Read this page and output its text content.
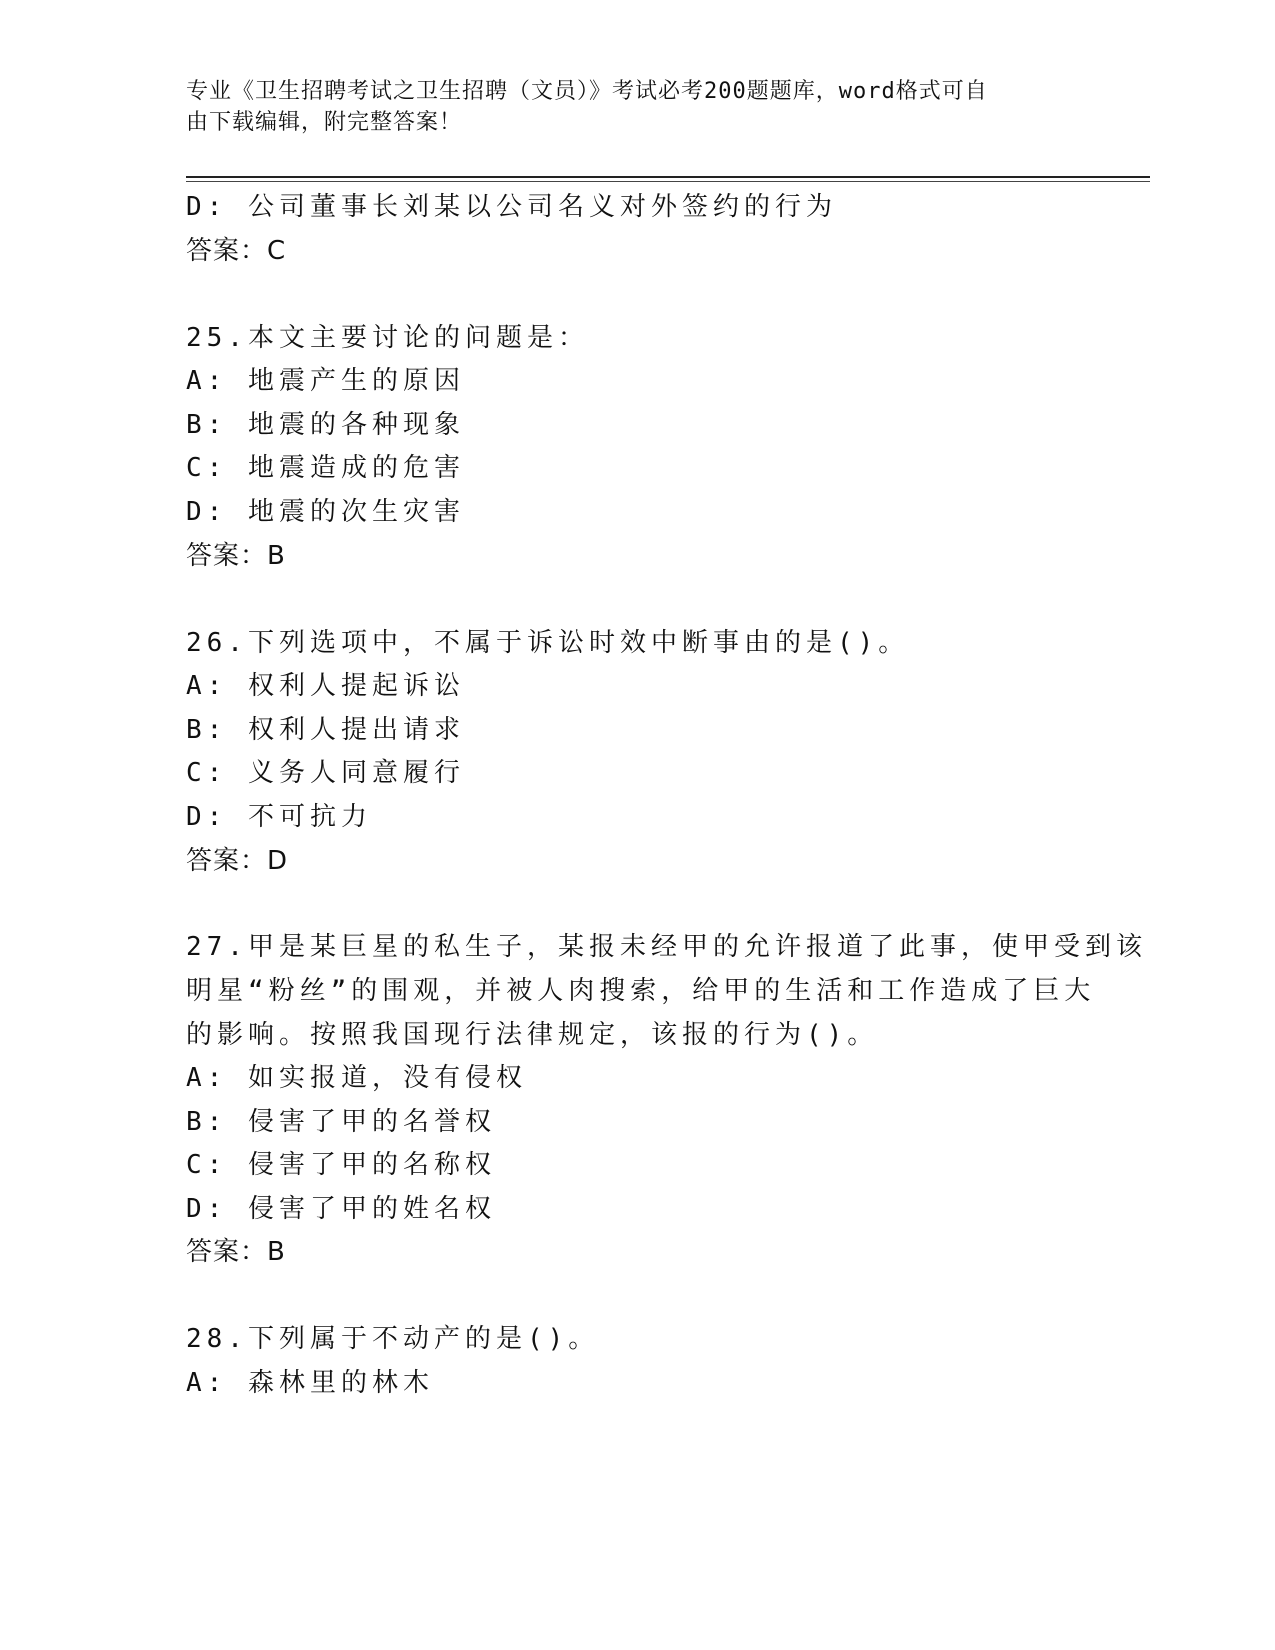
专业《卫生招聘考试之卫生招聘（文员）》考试必考200题题库，word格式可自
由下载编辑，附完整答案！
D: 公司董事长刘某以公司名义对外签约的行为
答案：C
25.本文主要讨论的问题是：
A: 地震产生的原因
B: 地震的各种现象
C: 地震造成的危害
D: 地震的次生灾害
答案：B
26.下列选项中，不属于诉讼时效中断事由的是()。
A: 权利人提起诉讼
B: 权利人提出请求
C: 义务人同意履行
D: 不可抗力
答案：D
27.甲是某巨星的私生子，某报未经甲的允许报道了此事，使甲受到该
明星“粉丝”的围观，并被人肉搜索，给甲的生活和工作造成了巨大
的影响。按照我国现行法律规定，该报的行为()。
A: 如实报道，没有侵权
B: 侵害了甲的名誉权
C: 侵害了甲的名称权
D: 侵害了甲的姓名权
答案：B
28.下列属于不动产的是()。
A: 森林里的林木
